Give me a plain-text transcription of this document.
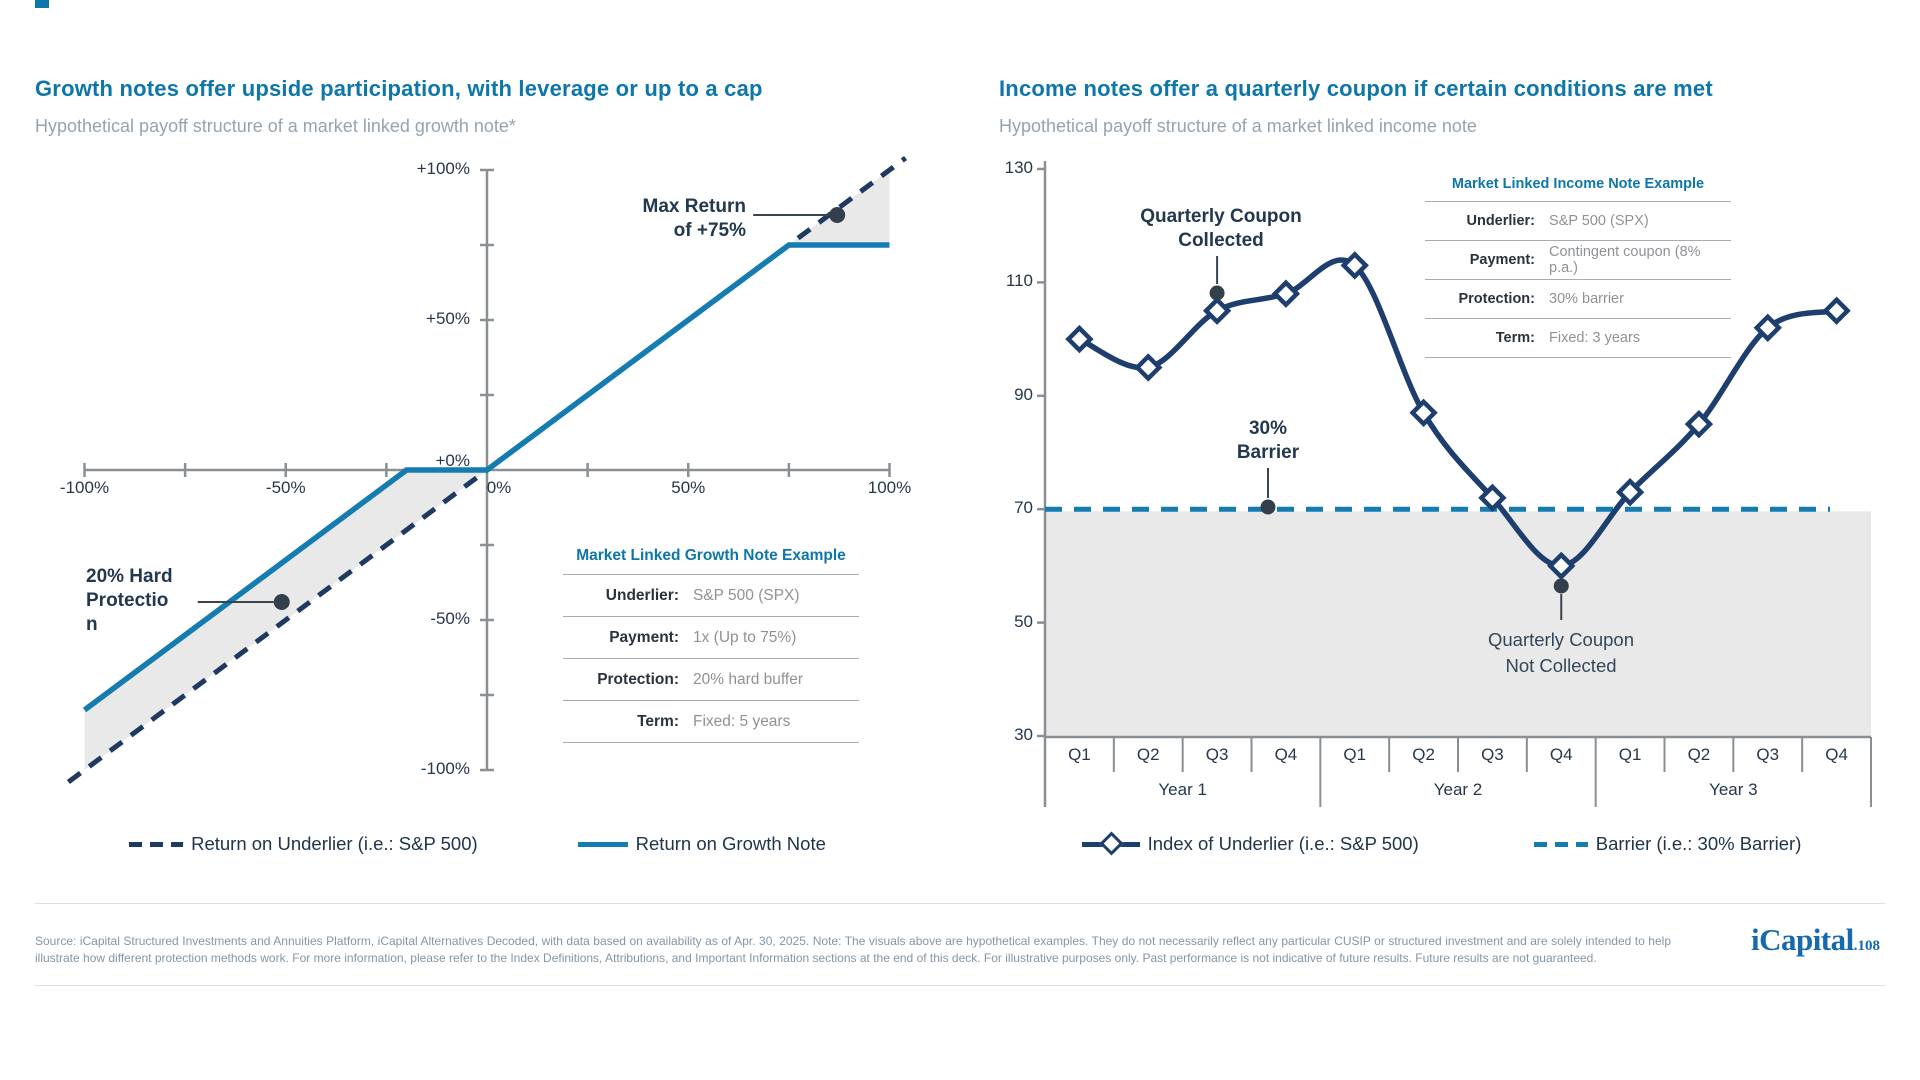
Growth notes offer upside participation, with leverage or up to a cap
Hypothetical payoff structure of a market linked growth note*
Max Return
of +75%
20% Hard
Protectio
n
Market Linked Growth Note Example
Underlier: S&P 500 (SPX)
Payment: 1x (Up to 75%)
Protection: 20% hard buffer
Term: Fixed: 5 years
Return on Underlier (i.e.: S&P 500)	Return on Growth Note
Income notes offer a quarterly coupon if certain conditions are met
Hypothetical payoff structure of a market linked income note
Quarterly Coupon
Collected
30%
Barrier
Quarterly Coupon
Not Collected
Market Linked Income Note Example
Underlier: S&P 500 (SPX)
Payment: Contingent coupon (8% p.a.)
Protection: 30% barrier
Term: Fixed: 3 years
Index of Underlier (i.e.: S&P 500)	Barrier (i.e.: 30% Barrier)

Source: iCapital Structured Investments and Annuities Platform, iCapital Alternatives Decoded, with data based on availability as of Apr. 30, 2025. Note: The visuals above are hypothetical examples. They do not necessarily reflect any particular CUSIP or structured investment and are solely intended to help illustrate how different protection methods work. For more information, please refer to the Index Definitions, Attributions, and Important Information sections at the end of this deck. For illustrative purposes only. Past performance is not indicative of future results. Future results are not guaranteed.

iCapital.108
+100%
+50%
+0%
-50%
-100%
-100%	-50%	0%	50%	100%
130
110
90
70
50
30
Q1	Q2	Q3	Q4	Q1	Q2	Q3	Q4	Q1	Q2	Q3	Q4
Year 1	Year 2	Year 3
